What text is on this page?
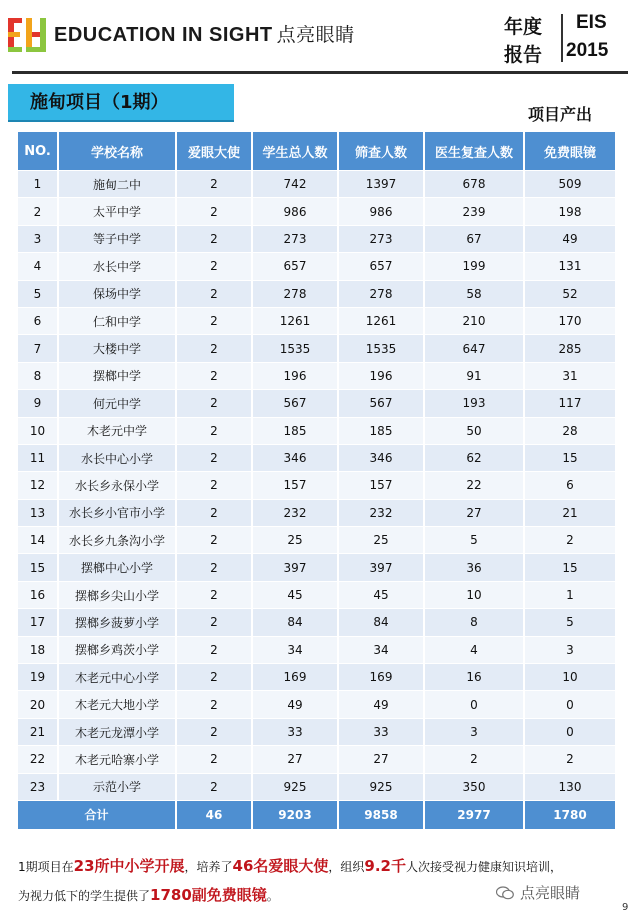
EDUCATION IN SIGHT 点亮眼睛	年度
报告
EIS
2015
施甸项目（1期）
项目产出
NO.	学校名称	爱眼大使	学生总人数	筛查人数	医生复查人数	免费眼镜
1	施甸二中	2	742	1397	678	509
2	太平中学	2	986	986	239	198
3	等子中学	2	273	273	67	49
4	水长中学	2	657	657	199	131
5	保场中学	2	278	278	58	52
6	仁和中学	2	1261	1261	210	170
7	大楼中学	2	1535	1535	647	285
8	摆榔中学	2	196	196	91	31
9	何元中学	2	567	567	193	117
10	木老元中学	2	185	185	50	28
11	水长中心小学	2	346	346	62	15
12	水长乡永保小学	2	157	157	22	6
13	水长乡小官市小学	2	232	232	27	21
14	水长乡九条沟小学	2	25	25	5	2
15	摆榔中心小学	2	397	397	36	15
16	摆榔乡尖山小学	2	45	45	10	1
17	摆榔乡菠萝小学	2	84	84	8	5
18	摆榔乡鸡茨小学	2	34	34	4	3
19	木老元中心小学	2	169	169	16	10
20	木老元大地小学	2	49	49	0	0
21	木老元龙潭小学	2	33	33	3	0
22	木老元哈寨小学	2	27	27	2	2
23	示范小学	2	925	925	350	130
合计		46	9203	9858	2977	1780
1期项目在23所中小学开展，培养了46名爱眼大使，组织9.2千人次接受视力健康知识培训，
为视力低下的学生提供了1780副免费眼镜。	点亮眼睛
9
